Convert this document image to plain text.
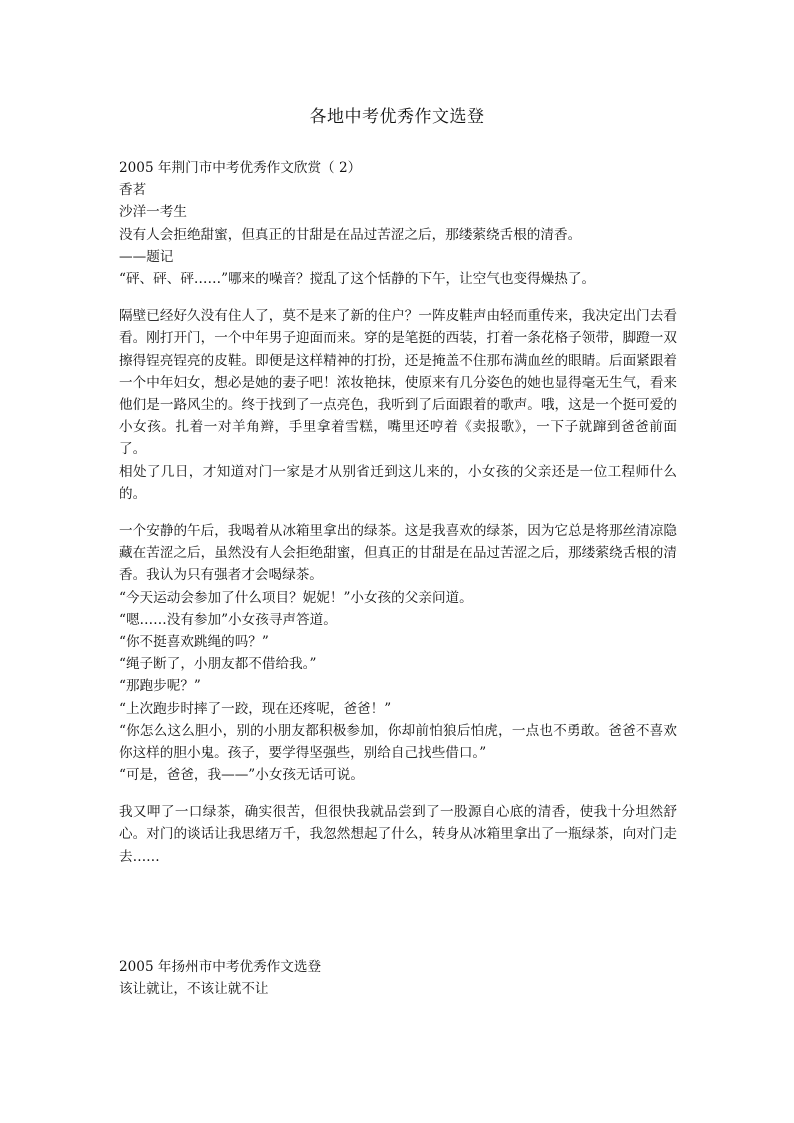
各地中考优秀作文选登
2005 年荆门市中考优秀作文欣赏（ 2）
香茗
沙洋一考生
没有人会拒绝甜蜜，但真正的甘甜是在品过苦涩之后，那缕萦绕舌根的清香。
——题记
“砰、砰、砰……”哪来的噪音？搅乱了这个恬静的下午，让空气也变得燥热了。
隔壁已经好久没有住人了，莫不是来了新的住户？一阵皮鞋声由轻而重传来，我决定出门去看看。刚打开门，一个中年男子迎面而来。穿的是笔挺的西装，打着一条花格子领带，脚蹬一双擦得锃亮锃亮的皮鞋。即便是这样精神的打扮，还是掩盖不住那布满血丝的眼睛。后面紧跟着一个中年妇女，想必是她的妻子吧！浓妆艳抹，使原来有几分姿色的她也显得毫无生气，看来他们是一路风尘的。终于找到了一点亮色，我听到了后面跟着的歌声。哦，这是一个挺可爱的小女孩。扎着一对羊角辫，手里拿着雪糕，嘴里还哼着《卖报歌》，一下子就蹿到爸爸前面了。
相处了几日，才知道对门一家是才从别省迁到这儿来的，小女孩的父亲还是一位工程师什么的。
一个安静的午后，我喝着从冰箱里拿出的绿茶。这是我喜欢的绿茶，因为它总是将那丝清凉隐藏在苦涩之后，虽然没有人会拒绝甜蜜，但真正的甘甜是在品过苦涩之后，那缕萦绕舌根的清香。我认为只有强者才会喝绿茶。
“今天运动会参加了什么项目？妮妮！”小女孩的父亲问道。
“嗯……没有参加”小女孩寻声答道。
“你不挺喜欢跳绳的吗？”
“绳子断了，小朋友都不借给我。”
“那跑步呢？”
“上次跑步时摔了一跤，现在还疼呢，爸爸！”
“你怎么这么胆小，别的小朋友都积极参加，你却前怕狼后怕虎，一点也不勇敢。爸爸不喜欢你这样的胆小鬼。孩子，要学得坚强些，别给自己找些借口。”
“可是，爸爸，我——”小女孩无话可说。
我又呷了一口绿茶，确实很苦，但很快我就品尝到了一股源自心底的清香，使我十分坦然舒心。对门的谈话让我思绪万千，我忽然想起了什么，转身从冰箱里拿出了一瓶绿茶，向对门走去……
2005 年扬州市中考优秀作文选登
该让就让，不该让就不让
